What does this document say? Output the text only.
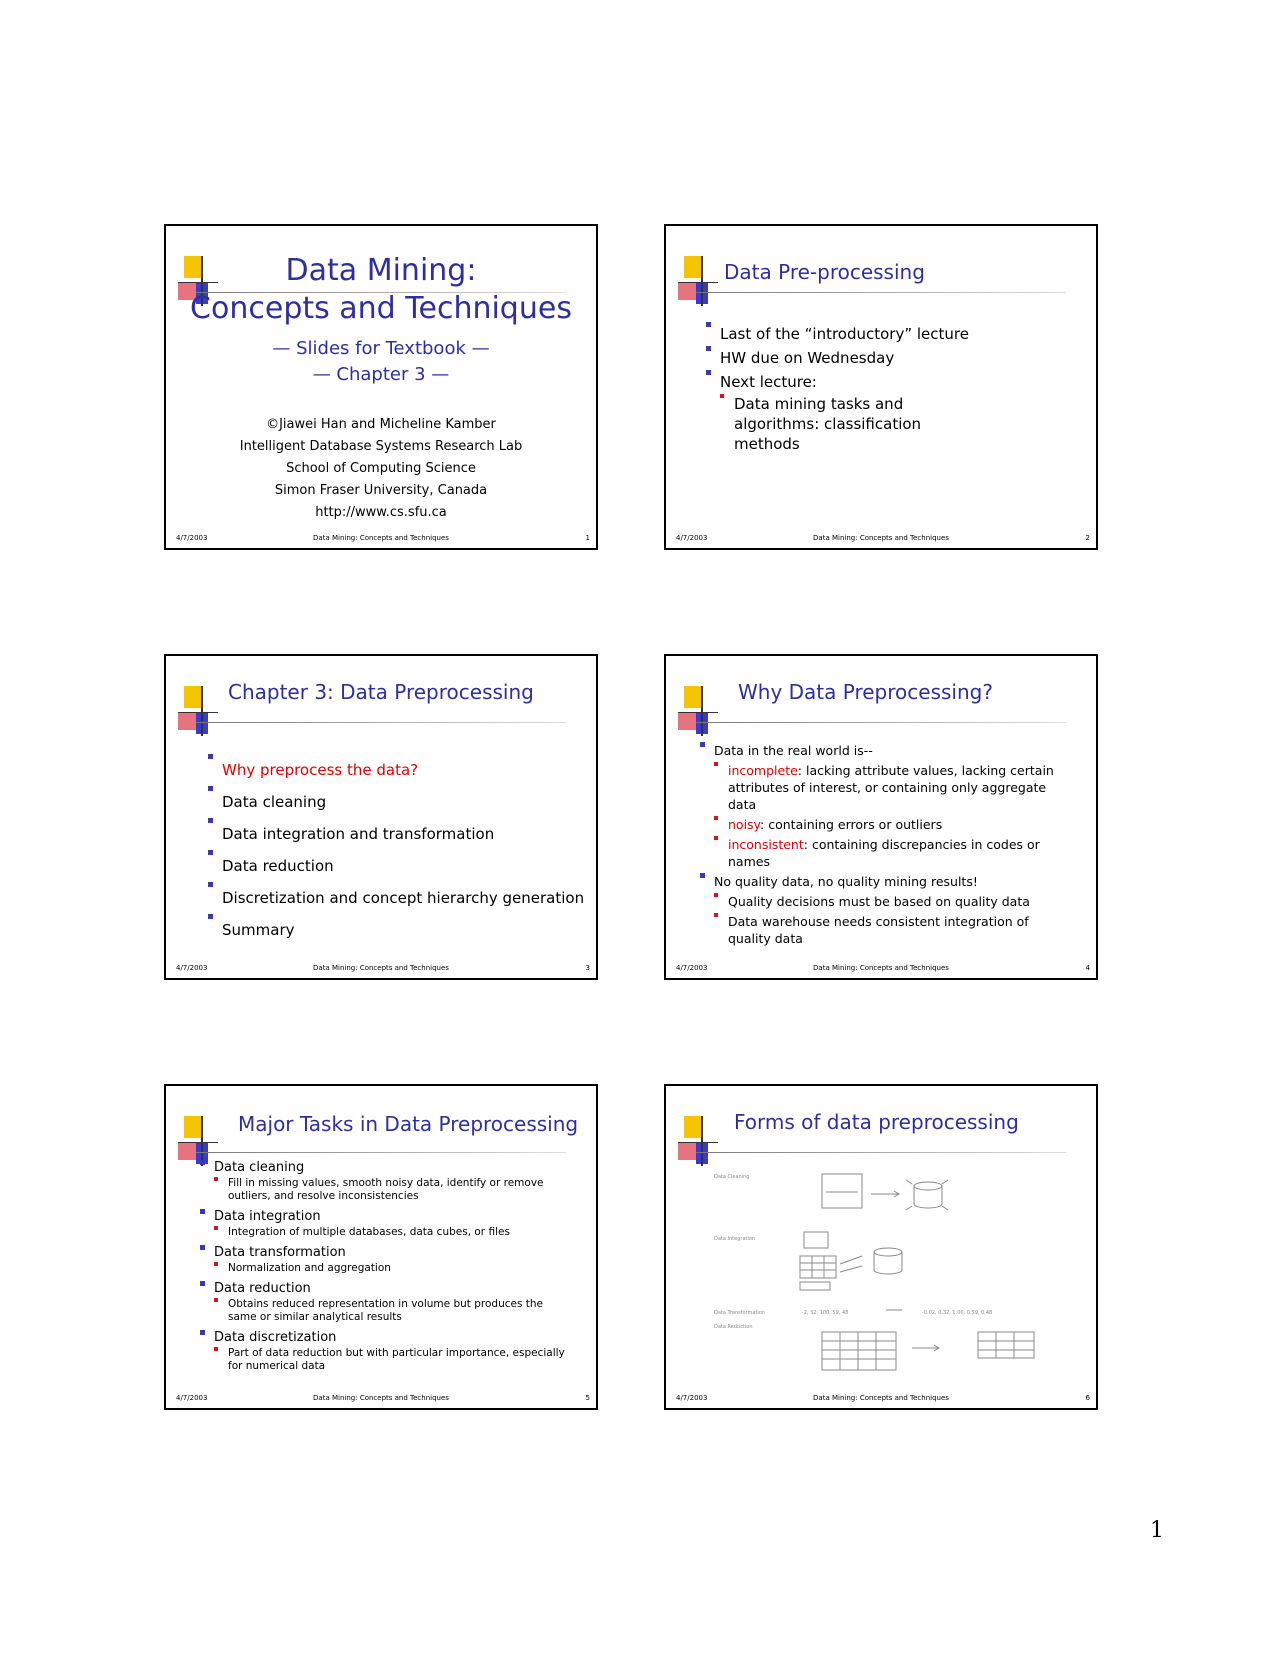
Data Mining:
Concepts and Techniques
— Slides for Textbook —
— Chapter 3 —
©Jiawei Han and Micheline Kamber
Intelligent Database Systems Research Lab
School of Computing Science
Simon Fraser University, Canada
http://www.cs.sfu.ca
4/7/2003	Data Mining: Concepts and Techniques	1
Data Pre-processing
Last of the “introductory” lecture
HW due on Wednesday
Next lecture:
Data mining tasks and algorithms: classification methods
4/7/2003	Data Mining: Concepts and Techniques	2
Chapter 3: Data Preprocessing
Why preprocess the data?
Data cleaning
Data integration and transformation
Data reduction
Discretization and concept hierarchy generation
Summary
4/7/2003	Data Mining: Concepts and Techniques	3
Why Data Preprocessing?
Data in the real world is--
incomplete: lacking attribute values, lacking certain attributes of interest, or containing only aggregate data
noisy: containing errors or outliers
inconsistent: containing discrepancies in codes or names
No quality data, no quality mining results!
Quality decisions must be based on quality data
Data warehouse needs consistent integration of quality data
4/7/2003	Data Mining: Concepts and Techniques	4
Major Tasks in Data Preprocessing
Data cleaning
Fill in missing values, smooth noisy data, identify or remove outliers, and resolve inconsistencies
Data integration
Integration of multiple databases, data cubes, or files
Data transformation
Normalization and aggregation
Data reduction
Obtains reduced representation in volume but produces the same or similar analytical results
Data discretization
Part of data reduction but with particular importance, especially for numerical data
4/7/2003	Data Mining: Concepts and Techniques	5
Forms of data preprocessing
Data Cleaning
Data Integration
Data Transformation
Data Reduction
-2, 32, 100, 59, 48	-0.02, 0.32, 1.00, 0.59, 0.48
4/7/2003	Data Mining: Concepts and Techniques	6
1
